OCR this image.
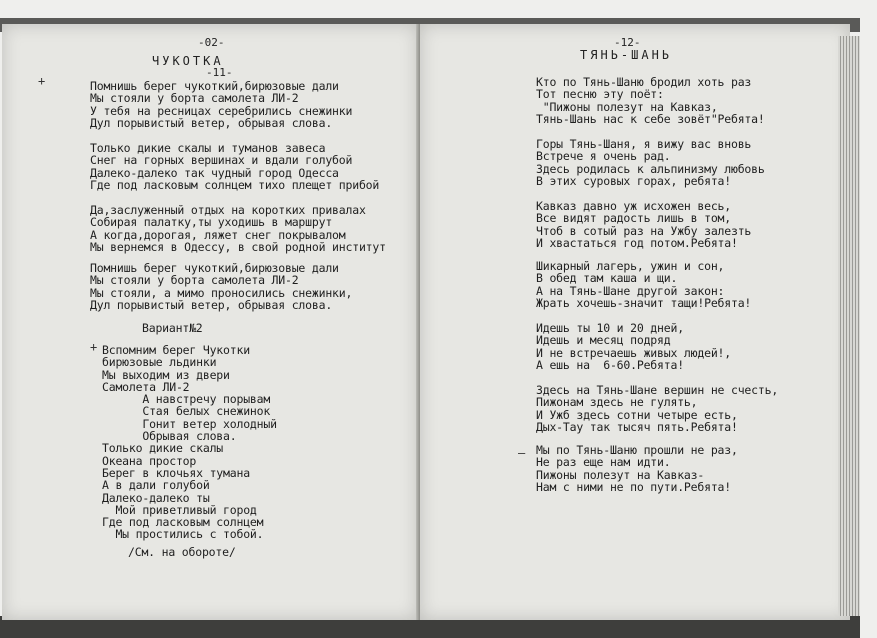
-02-
ЧУКОТКА
-11-
+	Помнишь берег чукоткий,бирюзовые дали
Мы стояли у борта самолета ЛИ-2
У тебя на ресницах серебрились снежинки
Дул порывистый ветер, обрывая слова.
Только дикие скалы и туманов завеса
Снег на горных вершинах и вдали голубой
Далеко-далеко так чудный город Одесса
Где под ласковым солнцем тихо плещет прибой
Да,заслуженный отдых на коротких привалах
Собирая палатку,ты уходишь в маршрут
А когда,дорогая, ляжет снег покрывалом
Мы вернемся в Одессу, в свой родной институт
Помнишь берег чукоткий,бирюзовые дали
Мы стояли у борта самолета ЛИ-2
Мы стояли, а мимо проносились снежинки,
Дул порывистый ветер, обрывая слова.
Вариант№2
+ Вспомним берег Чукотки
бирюзовые льдинки
Мы выходим из двери
Самолета ЛИ-2
А навстречу порывам
Стая белых снежинок
Гонит ветер холодный
Обрывая слова.
Только дикие скалы
Океана простор
Берег в клочьях тумана
А в дали голубой
Далеко-далеко ты
Мой приветливый город
Где под ласковым солнцем
Мы простились с тобой.
/См. на обороте/
-12-
ТЯНЬ-ШАНЬ
Кто по Тянь-Шаню бродил хоть раз
Тот песню эту поёт:
"Пижоны полезут на Кавказ,
Тянь-Шань нас к себе зовёт"Ребята!
Горы Тянь-Шаня, я вижу вас вновь
Встрече я очень рад.
Здесь родилась к альпинизму любовь
В этих суровых горах, ребята!
Кавказ давно уж исхожен весь,
Все видят радость лишь в том,
Чтоб в сотый раз на Ужбу залезть
И хвастаться год потом.Ребята!
Шикарный лагерь, ужин и сон,
В обед там каша и щи.
А на Тянь-Шане другой закон:
Жрать хочешь-значит тащи!Ребята!
Идешь ты 10 и 20 дней,
Идешь и месяц подряд
И не встречаешь живых людей!,
А ешь на  6-60.Ребята!
Здесь на Тянь-Шане вершин не счесть,
Пижонам здесь не гулять,
И Ужб здесь сотни четыре есть,
Дых-Тау так тысяч пять.Ребята!
— Мы по Тянь-Шаню прошли не раз,
Не раз еще нам идти.
Пижоны полезут на Кавказ-
Нам с ними не по пути.Ребята!
